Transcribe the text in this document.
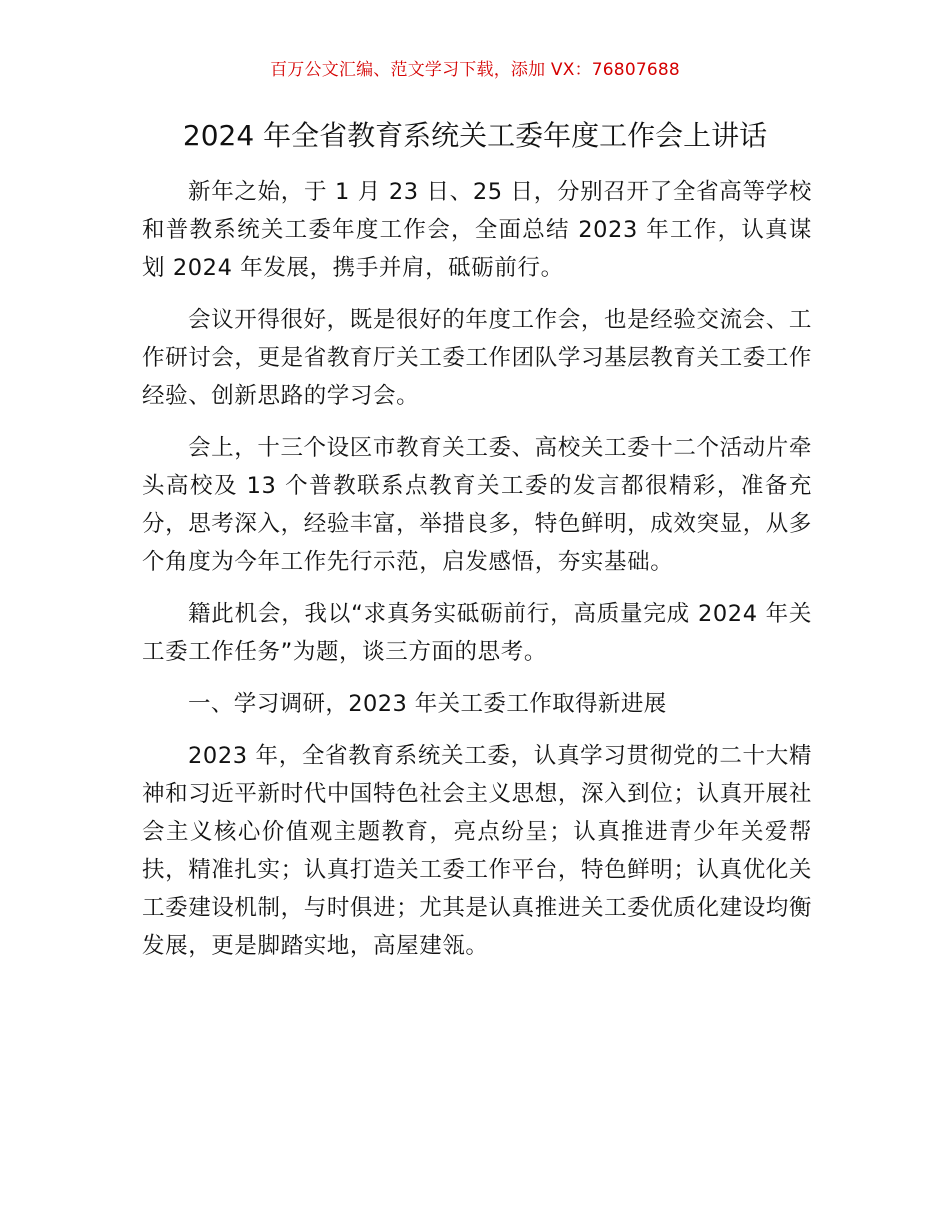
百万公文汇编、范文学习下载，添加 VX：76807688
2024 年全省教育系统关工委年度工作会上讲话

新年之始，于 1 月 23 日、25 日，分别召开了全省高等学校和普教系统关工委年度工作会，全面总结 2023 年工作，认真谋划 2024 年发展，携手并肩，砥砺前行。

会议开得很好，既是很好的年度工作会，也是经验交流会、工作研讨会，更是省教育厅关工委工作团队学习基层教育关工委工作经验、创新思路的学习会。

会上，十三个设区市教育关工委、高校关工委十二个活动片牵头高校及 13 个普教联系点教育关工委的发言都很精彩，准备充分，思考深入，经验丰富，举措良多，特色鲜明，成效突显，从多个角度为今年工作先行示范，启发感悟，夯实基础。

籍此机会，我以“求真务实砥砺前行，高质量完成 2024 年关工委工作任务”为题，谈三方面的思考。

一、学习调研，2023 年关工委工作取得新进展

2023 年，全省教育系统关工委，认真学习贯彻党的二十大精神和习近平新时代中国特色社会主义思想，深入到位；认真开展社会主义核心价值观主题教育，亮点纷呈；认真推进青少年关爱帮扶，精准扎实；认真打造关工委工作平台，特色鲜明；认真优化关工委建设机制，与时俱进；尤其是认真推进关工委优质化建设均衡发展，更是脚踏实地，高屋建瓴。
